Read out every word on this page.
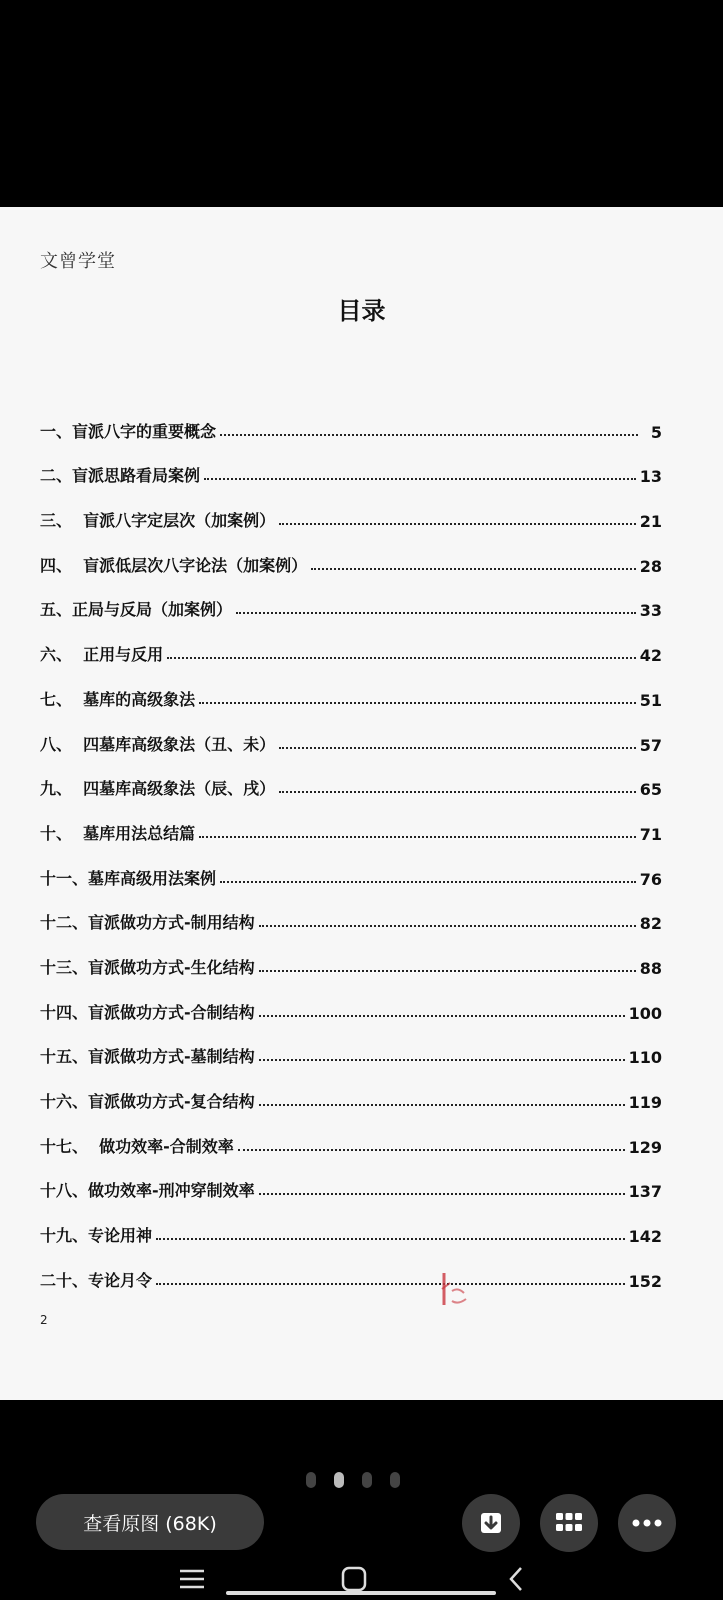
文曾学堂
目录
一、盲派八字的重要概念	5
二、盲派思路看局案例	13
三、  盲派八字定层次（加案例）	21
四、  盲派低层次八字论法（加案例）	28
五、正局与反局（加案例）	33
六、  正用与反用	42
七、  墓库的高级象法	51
八、  四墓库高级象法（丑、未）	57
九、  四墓库高级象法（辰、戌）	65
十、  墓库用法总结篇	71
十一、墓库高级用法案例	76
十二、盲派做功方式-制用结构	82
十三、盲派做功方式-生化结构	88
十四、盲派做功方式-合制结构	100
十五、盲派做功方式-墓制结构	110
十六、盲派做功方式-复合结构	119
十七、  做功效率-合制效率	129
十八、做功效率-刑冲穿制效率	137
十九、专论用神	142
二十、专论月令	152
2
查看原图 (68K)
